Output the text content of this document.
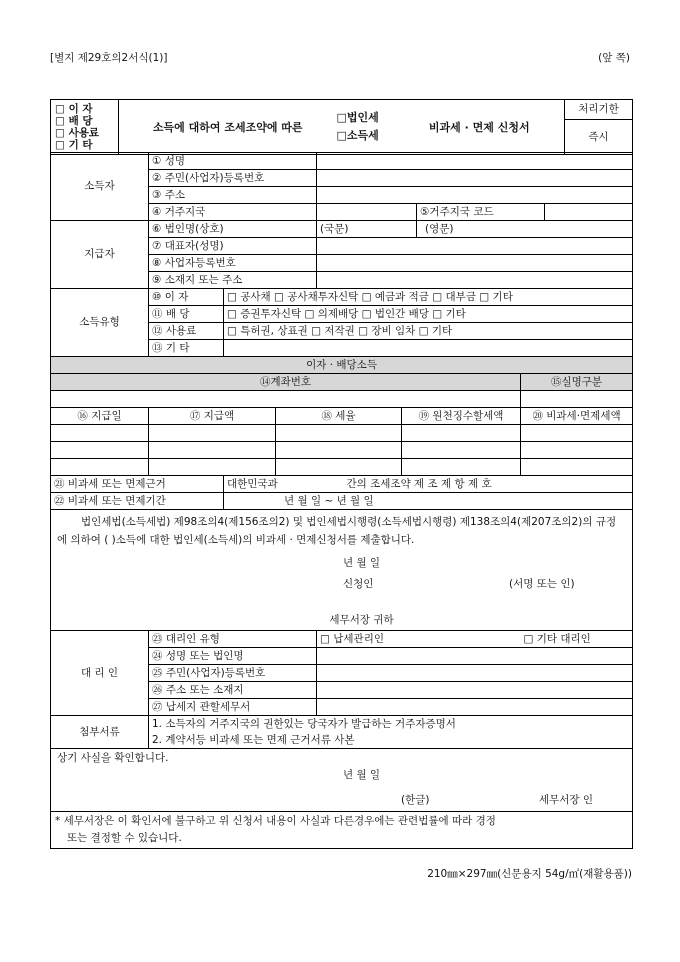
[별지 제29호의2서식(1)]	(앞 쪽)
□ 이 자
□ 배 당
□ 사용료
□ 기 타
	소득에 대하여 조세조약에 따른	
□법인세
□소득세
	비과세 · 면제 신청서	처리기한
즉시
소득자	① 성명								
	② 주민(사업자)등록번호								
	③ 주소								
	④ 거주지국					⑤거주지국 코드			
지급자	⑥ 법인명(상호)			(국문)		(영문)			
	⑦ 대표자(성명)								
	⑧ 사업자등록번호								
	⑨ 소재지 또는 주소								
소득유형	⑩ 이 자	□ 공사채 □ 공사채투자신탁 □ 예금과 적금 □ 대부금 □ 기타							
	⑪ 배 당	□ 증권투자신탁 □ 의제배당 □ 법인간 배당 □ 기타							
	⑫ 사용료	□ 특허권, 상표권 □ 저작권 □ 장비 임차 □ 기타							
	⑬ 기 타								
이자 · 배당소득									
⑭계좌번호							⑮실명구분		

⑯ 지급일	⑰ 지급액		⑱ 세율		⑲ 원천징수할세액		⑳ 비과세·면제세액		

㉑ 비과세 또는 면제근거		대한민국과		간의 조세조약 제 조 제 항 제 호					
㉒ 비과세 또는 면제기간		년 월 일 ~ 년 월 일							

법인세법(소득세법) 제98조의4(제156조의2) 및 법인세법시행령(소득세법시행령) 제138조의4(제207조의2)의 규정에 의하여 ( )소득에 대한 법인세(소득세)의 비과세 · 면제신청서를 제출합니다.
년 월 일
신청인 (서명 또는 인)
세무서장 귀하									

대 리 인	㉓ 대리인 유형			□ 납세관리인			□ 기타 대리인		
	㉔ 성명 또는 법인명								
	㉕ 주민(사업자)등록번호								
	㉖ 주소 또는 소재지								
	㉗ 납세지 관할세무서								
첨부서류	1. 소득자의 거주지국의 권한있는 당국자가 발급하는 거주자증명서								
	2. 계약서등 비과세 또는 면제 근거서류 사본								

상기 사실을 확인합니다.
년 월 일
(한글) 세무서장 인									

* 세무서장은 이 확인서에 불구하고 위 신청서 내용이 사실과 다른경우에는 관련법률에 따라 경정
또는 결정할 수 있습니다.									
210㎜×297㎜(신문용지 54g/㎡(재활용품))
